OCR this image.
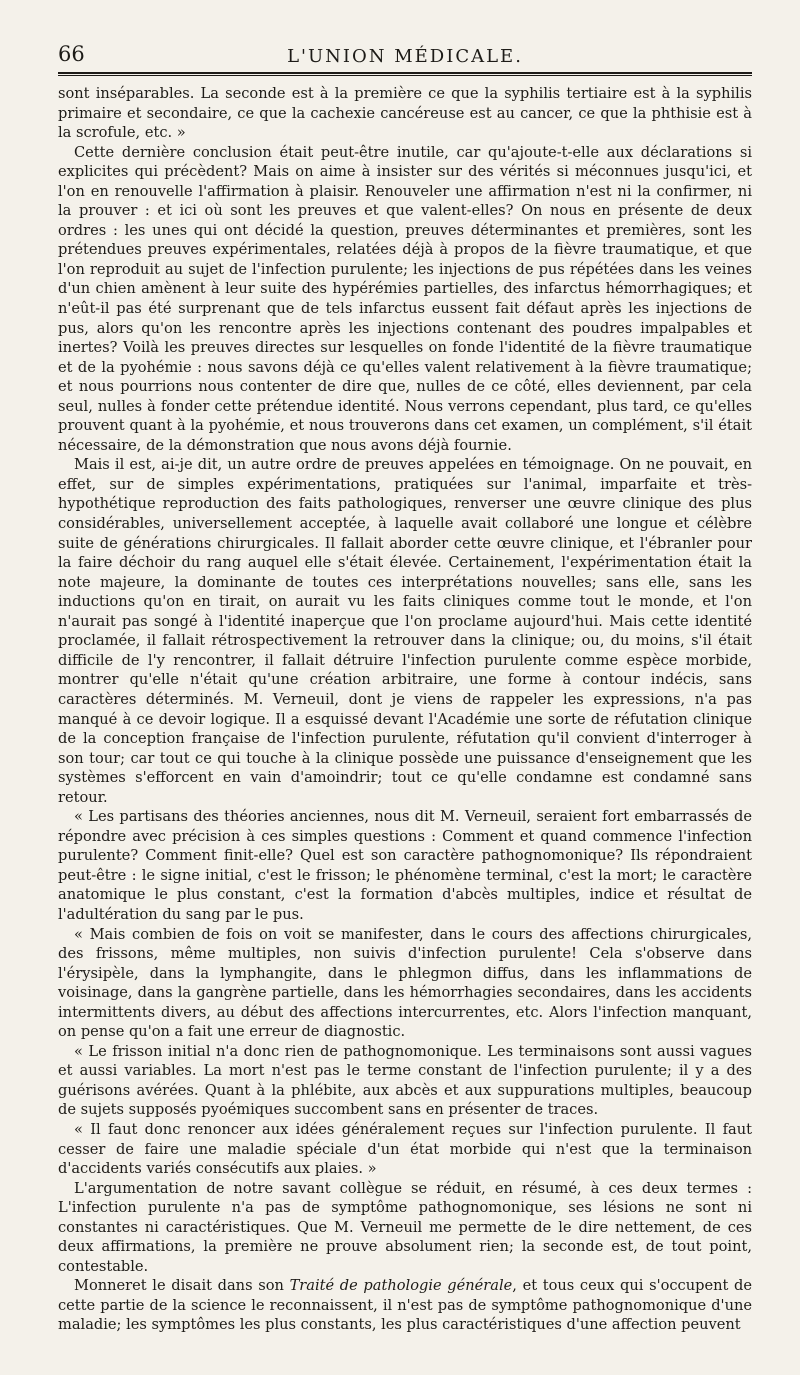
66	L'UNION MÉDICALE.

sont inséparables. La seconde est à la première ce que la syphilis tertiaire est à la syphilis primaire et secondaire, ce que la cachexie cancéreuse est au cancer, ce que la phthisie est à la scrofule, etc. »

Cette dernière conclusion était peut-être inutile, car qu'ajoute-t-elle aux déclarations si explicites qui précèdent? Mais on aime à insister sur des vérités si méconnues jusqu'ici, et l'on en renouvelle l'affirmation à plaisir. Renouveler une affirmation n'est ni la confirmer, ni la prouver : et ici où sont les preuves et que valent-elles? On nous en présente de deux ordres : les unes qui ont décidé la question, preuves déterminantes et premières, sont les prétendues preuves expérimentales, relatées déjà à propos de la fièvre traumatique, et que l'on reproduit au sujet de l'infection purulente; les injections de pus répétées dans les veines d'un chien amènent à leur suite des hypérémies partielles, des infarctus hémorrhagiques; et n'eût-il pas été surprenant que de tels infarctus eussent fait défaut après les injections de pus, alors qu'on les rencontre après les injections contenant des poudres impalpables et inertes? Voilà les preuves directes sur lesquelles on fonde l'identité de la fièvre traumatique et de la pyohémie : nous savons déjà ce qu'elles valent relativement à la fièvre traumatique; et nous pourrions nous contenter de dire que, nulles de ce côté, elles deviennent, par cela seul, nulles à fonder cette prétendue identité. Nous verrons cependant, plus tard, ce qu'elles prouvent quant à la pyohémie, et nous trouverons dans cet examen, un complément, s'il était nécessaire, de la démonstration que nous avons déjà fournie.

Mais il est, ai-je dit, un autre ordre de preuves appelées en témoignage. On ne pouvait, en effet, sur de simples expérimentations, pratiquées sur l'animal, imparfaite et très-hypothétique reproduction des faits pathologiques, renverser une œuvre clinique des plus considérables, universellement acceptée, à laquelle avait collaboré une longue et célèbre suite de générations chirurgicales. Il fallait aborder cette œuvre clinique, et l'ébranler pour la faire déchoir du rang auquel elle s'était élevée. Certainement, l'expérimentation était la note majeure, la dominante de toutes ces interprétations nouvelles; sans elle, sans les inductions qu'on en tirait, on aurait vu les faits cliniques comme tout le monde, et l'on n'aurait pas songé à l'identité inaperçue que l'on proclame aujourd'hui. Mais cette identité proclamée, il fallait rétrospectivement la retrouver dans la clinique; ou, du moins, s'il était difficile de l'y rencontrer, il fallait détruire l'infection purulente comme espèce morbide, montrer qu'elle n'était qu'une création arbitraire, une forme à contour indécis, sans caractères déterminés. M. Verneuil, dont je viens de rappeler les expressions, n'a pas manqué à ce devoir logique. Il a esquissé devant l'Académie une sorte de réfutation clinique de la conception française de l'infection purulente, réfutation qu'il convient d'interroger à son tour; car tout ce qui touche à la clinique possède une puissance d'enseignement que les systèmes s'efforcent en vain d'amoindrir; tout ce qu'elle condamne est condamné sans retour.

« Les partisans des théories anciennes, nous dit M. Verneuil, seraient fort embarrassés de répondre avec précision à ces simples questions : Comment et quand commence l'infection purulente? Comment finit-elle? Quel est son caractère pathognomonique? Ils répondraient peut-être : le signe initial, c'est le frisson; le phénomène terminal, c'est la mort; le caractère anatomique le plus constant, c'est la formation d'abcès multiples, indice et résultat de l'adultération du sang par le pus.

« Mais combien de fois on voit se manifester, dans le cours des affections chirurgicales, des frissons, même multiples, non suivis d'infection purulente! Cela s'observe dans l'érysipèle, dans la lymphangite, dans le phlegmon diffus, dans les inflammations de voisinage, dans la gangrène partielle, dans les hémorrhagies secondaires, dans les accidents intermittents divers, au début des affections intercurrentes, etc. Alors l'infection manquant, on pense qu'on a fait une erreur de diagnostic.

« Le frisson initial n'a donc rien de pathognomonique. Les terminaisons sont aussi vagues et aussi variables. La mort n'est pas le terme constant de l'infection purulente; il y a des guérisons avérées. Quant à la phlébite, aux abcès et aux suppurations multiples, beaucoup de sujets supposés pyoémiques succombent sans en présenter de traces.

« Il faut donc renoncer aux idées généralement reçues sur l'infection purulente. Il faut cesser de faire une maladie spéciale d'un état morbide qui n'est que la terminaison d'accidents variés consécutifs aux plaies. »

L'argumentation de notre savant collègue se réduit, en résumé, à ces deux termes : L'infection purulente n'a pas de symptôme pathognomonique, ses lésions ne sont ni constantes ni caractéristiques. Que M. Verneuil me permette de le dire nettement, de ces deux affirmations, la première ne prouve absolument rien; la seconde est, de tout point, contestable.

Monneret le disait dans son Traité de pathologie générale, et tous ceux qui s'occupent de cette partie de la science le reconnaissent, il n'est pas de symptôme pathognomonique d'une maladie; les symptômes les plus constants, les plus caractéristiques d'une affection peuvent
